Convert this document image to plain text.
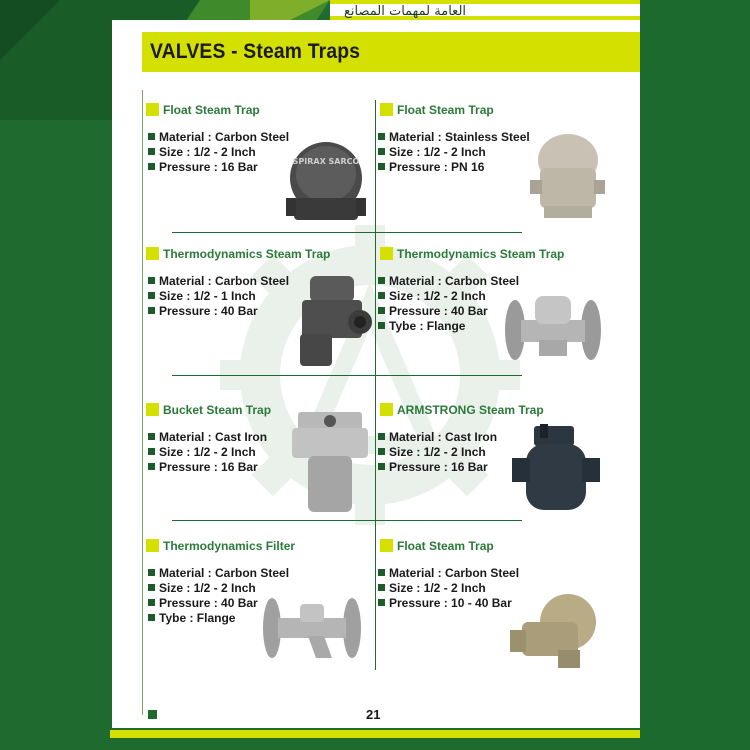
العامة لمهمات المصانع
VALVES - Steam Traps
Float Steam Trap
Material : Carbon Steel
Size : 1/2 - 2 Inch
Pressure : 16 Bar	SPIRAX SARCO
Float Steam Trap
Material : Stainless Steel
Size : 1/2 - 2 Inch
Pressure : PN 16
Thermodynamics Steam Trap
Material : Carbon Steel
Size : 1/2 - 1 Inch
Pressure : 40 Bar
Thermodynamics Steam Trap
Material : Carbon Steel
Size : 1/2 - 2 Inch
Pressure : 40 Bar
Tybe : Flange
Bucket Steam Trap
Material : Cast Iron
Size : 1/2 - 2 Inch
Pressure : 16 Bar
ARMSTRONG Steam Trap
Material : Cast Iron
Size : 1/2 - 2 Inch
Pressure : 16 Bar
Thermodynamics Filter
Material : Carbon Steel
Size : 1/2 - 2 Inch
Pressure : 40 Bar
Tybe : Flange
Float Steam Trap
Material : Carbon Steel
Size : 1/2 - 2 Inch
Pressure : 10 - 40 Bar
21
